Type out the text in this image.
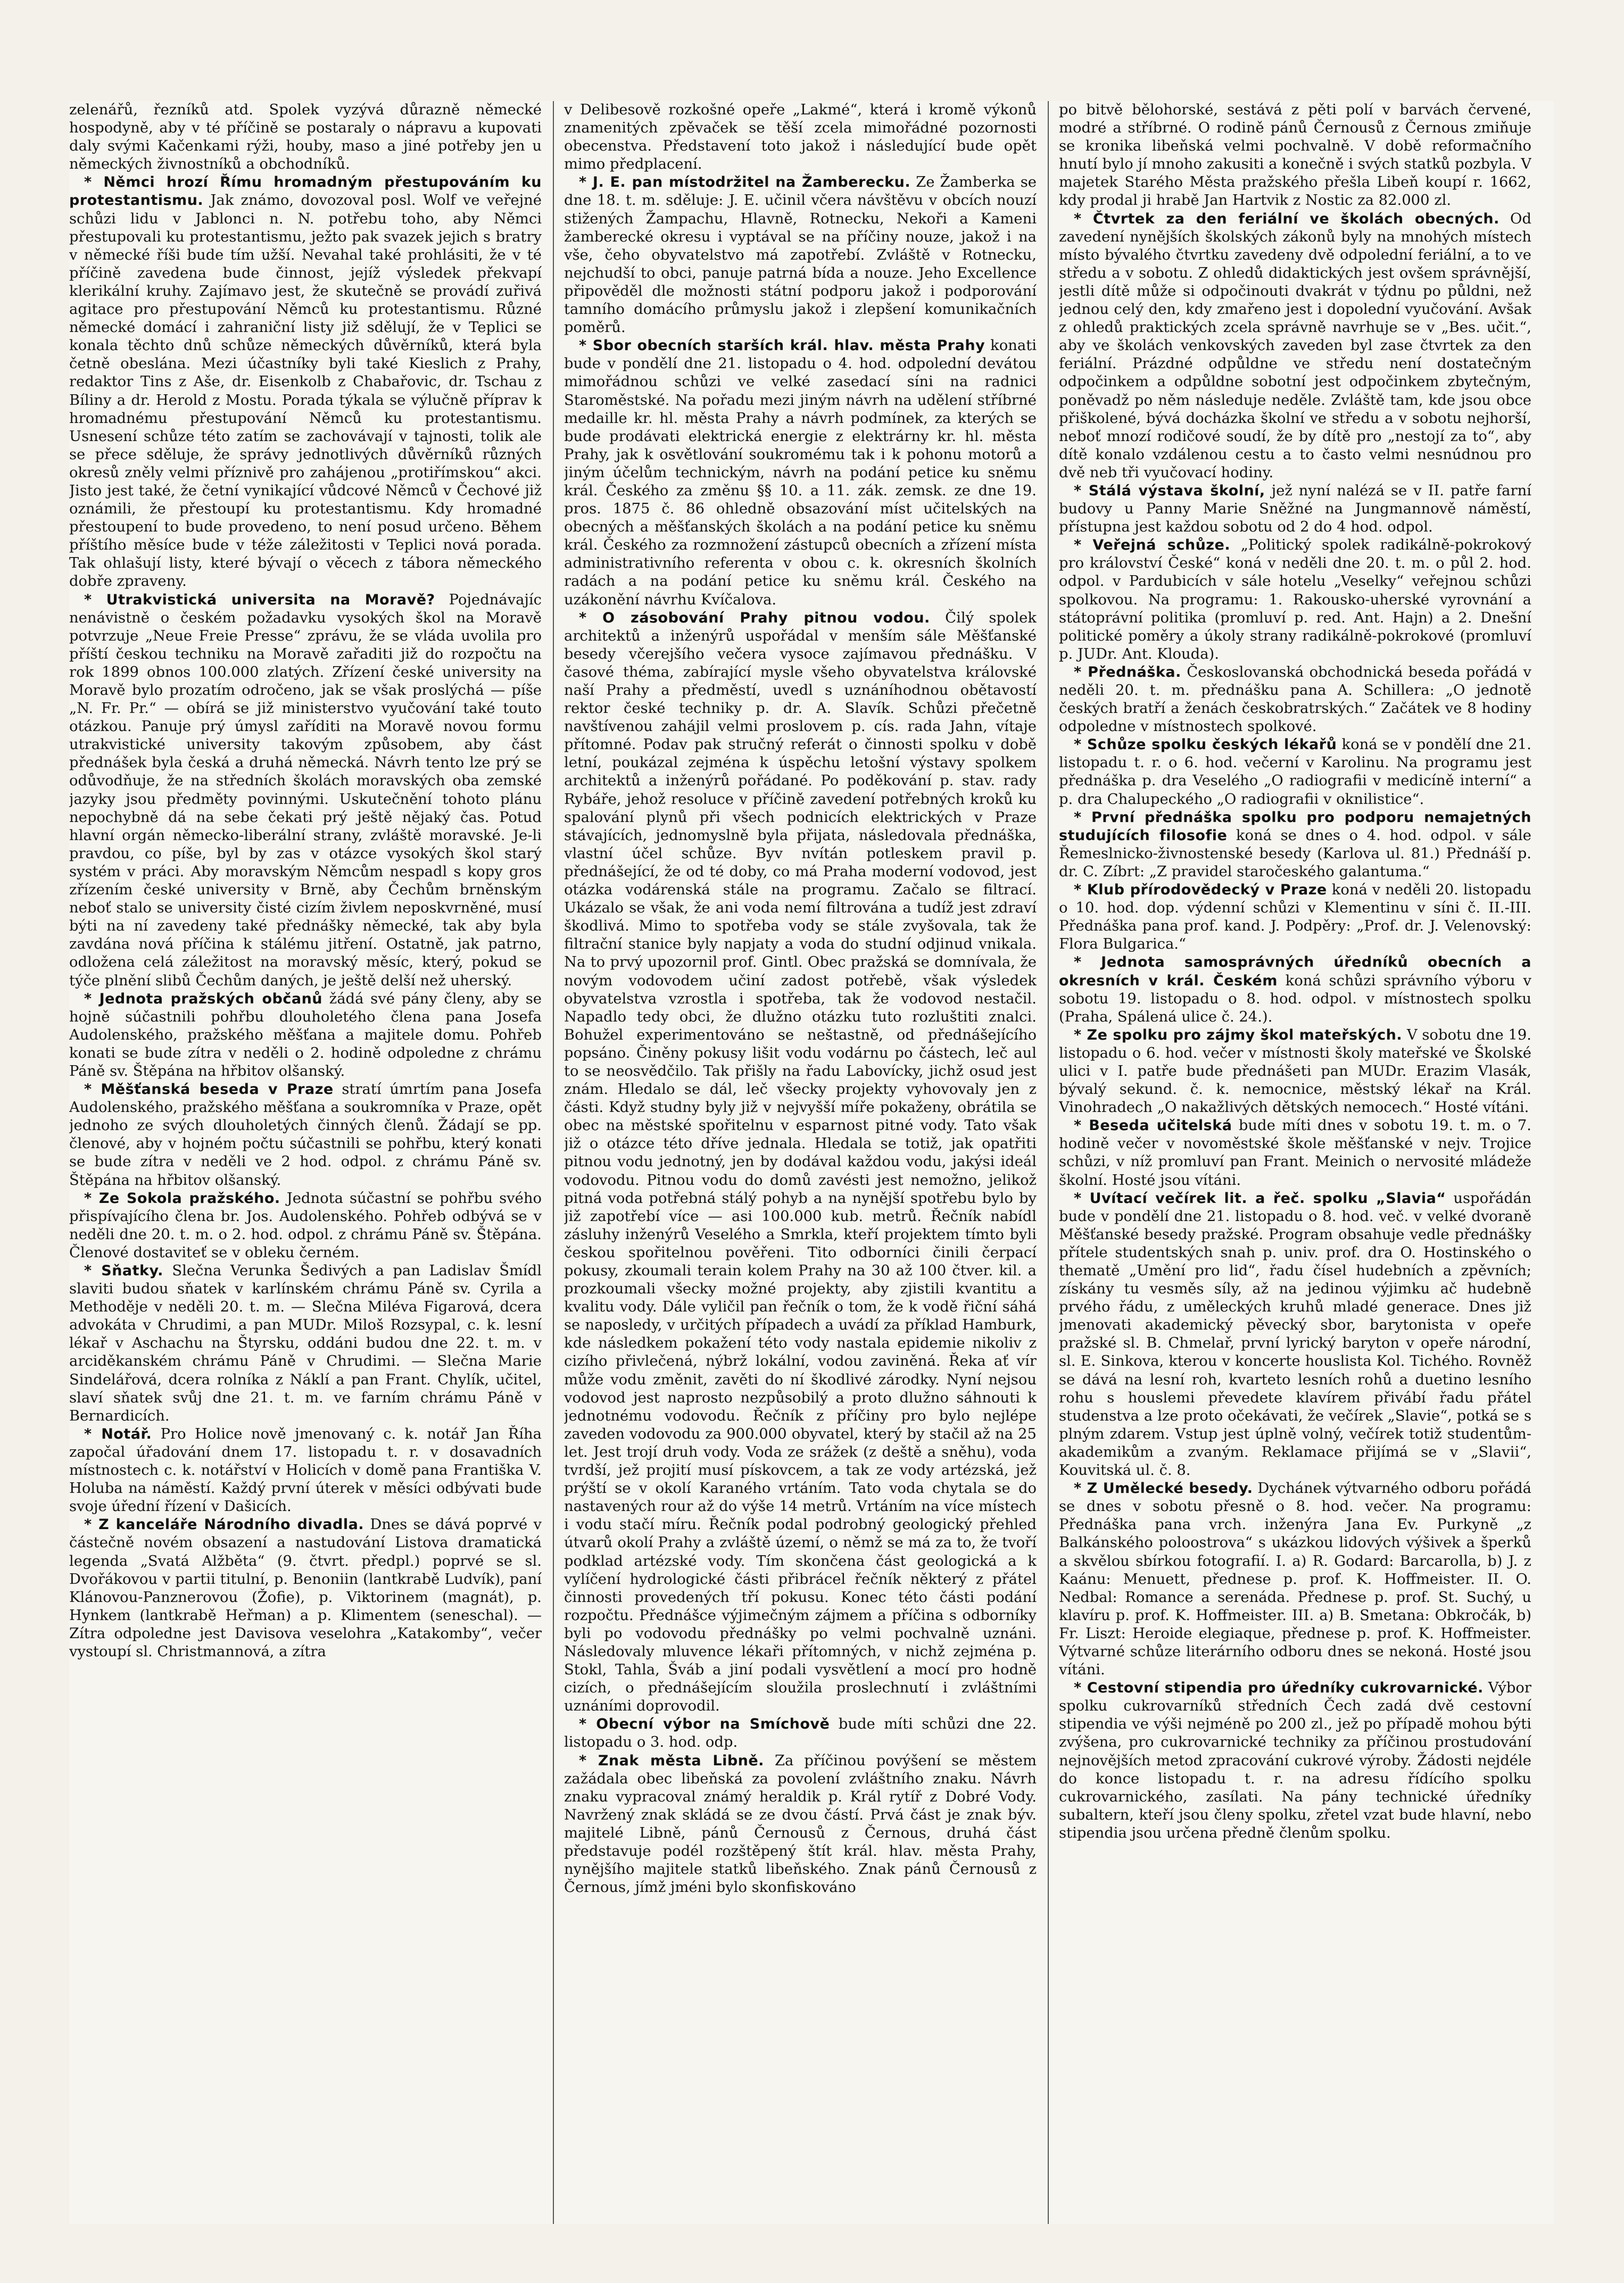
zelenářů, řezníků atd. Spolek vyzývá důrazně německé hospodyně, aby v té příčině se postaraly o nápravu a kupovati daly svými Kačenkami rýži, houby, maso a jiné potřeby jen u německých živnostníků a obchodníků.

* Němci hrozí Římu hromadným přestupováním ku protestantismu. Jak známo, dovozoval posl. Wolf ve veřejné schůzi lidu v Jablonci n. N. potřebu toho, aby Němci přestupovali ku protestantismu, ježto pak svazek jejich s bratry v německé říši bude tím užší. Nevahal také prohlásiti, že v té příčině zavedena bude činnost, jejíž výsledek překvapí klerikální kruhy. Zajímavo jest, že skutečně se provádí zuřivá agitace pro přestupování Němců ku protestantismu. Různé německé domácí i zahraniční listy již sdělují, že v Teplici se konala těchto dnů schůze německých důvěrníků, která byla četně obeslána. Mezi účastníky byli také Kieslich z Prahy, redaktor Tins z Aše, dr. Eisenkolb z Chabařovic, dr. Tschau z Bíliny a dr. Herold z Mostu. Porada týkala se výlučně příprav k hromadnému přestupování Němců ku protestantismu. Usnesení schůze této zatím se zachovávají v tajnosti, tolik ale se přece sděluje, že správy jednotlivých důvěrníků různých okresů zněly velmi příznivě pro zahájenou „protiřímskou“ akci. Jisto jest také, že četní vynikající vůdcové Němců v Čechové již oznámili, že přestoupí ku protestantismu. Kdy hromadné přestoupení to bude provedeno, to není posud určeno. Během příštího měsíce bude v téže záležitosti v Teplici nová porada. Tak ohlašují listy, které bývají o věcech z tábora německého dobře zpraveny.

* Utrakvistická universita na Moravě? Pojednávajíc nenávistně o českém požadavku vysokých škol na Moravě potvrzuje „Neue Freie Presse“ zprávu, že se vláda uvolila pro příští českou techniku na Moravě zařaditi již do rozpočtu na rok 1899 obnos 100.000 zlatých. Zřízení české university na Moravě bylo prozatím odročeno, jak se však proslýchá — píše „N. Fr. Pr.“ — obírá se již ministerstvo vyučování také touto otázkou. Panuje prý úmysl zaříditi na Moravě novou formu utrakvistické university takovým způsobem, aby část přednášek byla česká a druhá německá. Návrh tento lze prý se odůvodňuje, že na středních školách moravských oba zemské jazyky jsou předměty povinnými. Uskutečnění tohoto plánu nepochybně dá na sebe čekati prý ještě nějaký čas. Potud hlavní orgán německo-liberální strany, zvláště moravské. Je-li pravdou, co píše, byl by zas v otázce vysokých škol starý systém v práci. Aby moravským Němcům nespadl s kopy gros zřízením české university v Brně, aby Čechům brněnským neboť stalo se university čisté cizím živlem neposkvrněné, musí býti na ní zavedeny také přednášky německé, tak aby byla zavdána nová příčina k stálému jitření. Ostatně, jak patrno, odložena celá záležitost na moravský měsíc, který, pokud se týče plnění slibů Čechům daných, je ještě delší než uherský.

* Jednota pražských občanů žádá své pány členy, aby se hojně súčastnili pohřbu dlouholetého člena pana Josefa Audolenského, pražského měšťana a majitele domu. Pohřeb konati se bude zítra v neděli o 2. hodině odpoledne z chrámu Páně sv. Štěpána na hřbitov olšanský.

* Měšťanská beseda v Praze stratí úmrtím pana Josefa Audolenského, pražského měšťana a soukromníka v Praze, opět jednoho ze svých dlouholetých činných členů. Žádají se pp. členové, aby v hojném počtu súčastnili se pohřbu, který konati se bude zítra v neděli ve 2 hod. odpol. z chrámu Páně sv. Štěpána na hřbitov olšanský.

* Ze Sokola pražského. Jednota súčastní se pohřbu svého přispívajícího člena br. Jos. Audolenského. Pohřeb odbývá se v neděli dne 20. t. m. o 2. hod. odpol. z chrámu Páně sv. Štěpána. Členové dostaviteť se v obleku černém.

* Sňatky. Slečna Verunka Šedivých a pan Ladislav Šmídl slaviti budou sňatek v karlínském chrámu Páně sv. Cyrila a Methoděje v neděli 20. t. m. — Slečna Miléva Figarová, dcera advokáta v Chrudimi, a pan MUDr. Miloš Rozsypal, c. k. lesní lékař v Aschachu na Štyrsku, oddáni budou dne 22. t. m. v arciděkanském chrámu Páně v Chrudimi. — Slečna Marie Sindelářová, dcera rolníka z Náklí a pan Frant. Chylík, učitel, slaví sňatek svůj dne 21. t. m. ve farním chrámu Páně v Bernardicích.

* Notář. Pro Holice nově jmenovaný c. k. notář Jan Říha započal úřadování dnem 17. listopadu t. r. v dosavadních místnostech c. k. notářství v Holicích v domě pana Františka V. Holuba na náměstí. Každý první úterek v měsíci odbývati bude svoje úřední řízení v Dašicích.

* Z kanceláře Národního divadla. Dnes se dává poprvé v částečně novém obsazení a nastudování Listova dramatická legenda „Svatá Alžběta“ (9. čtvrt. předpl.) poprvé se sl. Dvořákovou v partii titulní, p. Benoniin (lantkrabě Ludvík), paní Klánovou-Panznerovou (Žofie), p. Viktorinem (magnát), p. Hynkem (lantkrabě Heřman) a p. Klimentem (seneschal). — Zítra odpoledne jest Davisova veselohra „Katakomby“, večer vystoupí sl. Christmannová, a zítra

v Delibesově rozkošné opeře „Lakmé“, která i kromě výkonů znamenitých zpěvaček se těší zcela mimořádné pozornosti obecenstva. Představení toto jakož i následující bude opět mimo předplacení.

* J. E. pan místodržitel na Žamberecku. Ze Žamberka se dne 18. t. m. sděluje: J. E. učinil včera návštěvu v obcích nouzí stižených Žampachu, Hlavně, Rotnecku, Nekoři a Kameni žamberecké okresu i vyptával se na příčiny nouze, jakož i na vše, čeho obyvatelstvo má zapotřebí. Zvláště v Rotnecku, nejchudší to obci, panuje patrná bída a nouze. Jeho Excellence připověděl dle možnosti státní podporu jakož i podporování tamního domácího průmyslu jakož i zlepšení komunikačních poměrů.

* Sbor obecních starších král. hlav. města Prahy konati bude v pondělí dne 21. listopadu o 4. hod. odpolední devátou mimořádnou schůzi ve velké zasedací síni na radnici Staroměstské. Na pořadu mezi jiným návrh na udělení stříbrné medaille kr. hl. města Prahy a návrh podmínek, za kterých se bude prodávati elektrická energie z elektrárny kr. hl. města Prahy, jak k osvětlování soukromému tak i k pohonu motorů a jiným účelům technickým, návrh na podání petice ku sněmu král. Českého za změnu §§ 10. a 11. zák. zemsk. ze dne 19. pros. 1875 č. 86 ohledně obsazování míst učitelských na obecných a měšťanských školách a na podání petice ku sněmu král. Českého za rozmnožení zástupců obecních a zřízení místa administrativního referenta v obou c. k. okresních školních radách a na podání petice ku sněmu král. Českého na uzákonění návrhu Kvíčalova.

* O zásobování Prahy pitnou vodou. Čilý spolek architektů a inženýrů uspořádal v menším sále Měšťanské besedy včerejšího večera vysoce zajímavou přednášku. V časové théma, zabírající mysle všeho obyvatelstva královské naší Prahy a předměstí, uvedl s uznáníhodnou obětavostí rektor české techniky p. dr. A. Slavík. Schůzi přečetně navštívenou zahájil velmi proslovem p. cís. rada Jahn, vítaje přítomné. Podav pak stručný referát o činnosti spolku v době letní, poukázal zejména k úspěchu letošní výstavy spolkem architektů a inženýrů pořádané. Po poděkování p. stav. rady Rybáře, jehož resoluce v příčině zavedení potřebných kroků ku spalování plynů při všech podnicích elektrických v Praze stávajících, jednomyslně byla přijata, následovala přednáška, vlastní účel schůze. Byv nvítán potleskem pravil p. přednášející, že od té doby, co má Praha moderní vodovod, jest otázka vodárenská stále na programu. Začalo se filtrací. Ukázalo se však, že ani voda nemí filtrována a tudíž jest zdraví škodlivá. Mimo to spotřeba vody se stále zvyšovala, tak že filtrační stanice byly napjaty a voda do studní odjinud vnikala. Na to prvý upozornil prof. Gintl. Obec pražská se domnívala, že novým vodovodem učiní zadost potřebě, však výsledek obyvatelstva vzrostla i spotřeba, tak že vodovod nestačil. Napadlo tedy obci, že dlužno otázku tuto rozluštiti znalci. Bohužel experimentováno se neštastně, od přednášejícího popsáno. Činěny pokusy lišit vodu vodárnu po částech, leč aul to se neosvědčilo. Tak přišly na řadu Labovícky, jichž osud jest znám. Hledalo se dál, leč všecky projekty vyhovovaly jen z části. Když studny byly již v nejvyšší míře pokaženy, obrátila se obec na městské spořitelnu v esparnost pitné vody. Tato však již o otázce této dříve jednala. Hledala se totiž, jak opatřiti pitnou vodu jednotný, jen by dodával každou vodu, jakýsi ideál vodovodu. Pitnou vodu do domů zavésti jest nemožno, jelikož pitná voda potřebná stálý pohyb a na nynější spotřebu bylo by již zapotřebí více — asi 100.000 kub. metrů. Řečník nabídl zásluhy inženýrů Veselého a Smrkla, kteří projektem tímto byli českou spořitelnou pověřeni. Tito odborníci činili čerpací pokusy, zkoumali terain kolem Prahy na 30 až 100 čtver. kil. a prozkoumali všecky možné projekty, aby zjistili kvantitu a kvalitu vody. Dále vyličil pan řečník o tom, že k vodě řiční sáhá se naposledy, v určitých případech a uvádí za příklad Hamburk, kde následkem pokažení této vody nastala epidemie nikoliv z cizího přivlečená, nýbrž lokální, vodou zaviněná. Řeka ať vír může vodu změnit, zavěti do ní škodlivé zárodky. Nyní nejsou vodovod jest naprosto nezpůsobilý a proto dlužno sáhnouti k jednotnému vodovodu. Řečník z příčiny pro bylo nejlépe zaveden vodovodu za 900.000 obyvatel, který by stačil až na 25 let. Jest trojí druh vody. Voda ze srážek (z deště a sněhu), voda tvrdší, jež projití musí pískovcem, a tak ze vody artézská, jež prýští se v okolí Karaného vrtáním. Tato voda chytala se do nastavených rour až do výše 14 metrů. Vrtáním na více místech i vodu stačí míru. Řečník podal podrobný geologický přehled útvarů okolí Prahy a zvláště území, o němž se má za to, že tvoří podklad artézské vody. Tím skončena část geologická a k vylíčení hydrologické části přibrácel řečník některý z přátel činnosti provedených tří pokusu. Konec této části podání rozpočtu. Přednášce výjimečným zájmem a příčina s odborníky byli po vodovodu přednášky po velmi pochvalně uznáni. Následovaly mluvence lékaři přítomných, v nichž zejména p. Stokl, Tahla, Šváb a jiní podali vysvětlení a mocí pro hodně cizích, o přednášejícím sloužila proslechnutí i zvláštními uznáními doprovodil.

* Obecní výbor na Smíchově bude míti schůzi dne 22. listopadu o 3. hod. odp.

* Znak města Libně. Za příčinou povýšení se městem zažádala obec libeňská za povolení zvláštního znaku. Návrh znaku vypracoval známý heraldik p. Král rytíř z Dobré Vody. Navržený znak skládá se ze dvou částí. Prvá část je znak býv. majitelé Libně, pánů Černousů z Černous, druhá část představuje podél rozštěpený štít král. hlav. města Prahy, nynějšího majitele statků libeňského. Znak pánů Černousů z Černous, jímž jméni bylo skonfiskováno

po bitvě bělohorské, sestává z pěti polí v barvách červené, modré a stříbrné. O rodině pánů Černousů z Černous zmiňuje se kronika libeňská velmi pochvalně. V době reformačního hnutí bylo jí mnoho zakusiti a konečně i svých statků pozbyla. V majetek Starého Města pražského přešla Libeň koupí r. 1662, kdy prodal ji hrabě Jan Hartvik z Nostic za 82.000 zl.

* Čtvrtek za den feriální ve školách obecných. Od zavedení nynějších školských zákonů byly na mnohých místech místo bývalého čtvrtku zavedeny dvě odpolední feriální, a to ve středu a v sobotu. Z ohledů didaktických jest ovšem správnější, jestli dítě může si odpočinouti dvakrát v týdnu po půldni, než jednou celý den, kdy zmařeno jest i dopolední vyučování. Avšak z ohledů praktických zcela správně navrhuje se v „Bes. učit.“, aby ve školách venkovských zaveden byl zase čtvrtek za den feriální. Prázdné odpůldne ve středu není dostatečným odpočinkem a odpůldne sobotní jest odpočinkem zbytečným, poněvadž po něm následuje neděle. Zvláště tam, kde jsou obce přiškolené, bývá docházka školní ve středu a v sobotu nejhorší, neboť mnozí rodičové soudí, že by dítě pro „nestojí za to“, aby dítě konalo vzdálenou cestu a to často velmi nesnúdnou pro dvě neb tři vyučovací hodiny.

* Stálá výstava školní, jež nyní nalézá se v II. patře farní budovy u Panny Marie Sněžné na Jungmannově náměstí, přístupna jest každou sobotu od 2 do 4 hod. odpol.

* Veřejná schůze. „Politický spolek radikálně-pokrokový pro království České“ koná v neděli dne 20. t. m. o půl 2. hod. odpol. v Pardubicích v sále hotelu „Veselky“ veřejnou schůzi spolkovou. Na programu: 1. Rakousko-uherské vyrovnání a státoprávní politika (promluví p. red. Ant. Hajn) a 2. Dnešní politické poměry a úkoly strany radikálně-pokrokové (promluví p. JUDr. Ant. Klouda).

* Přednáška. Českoslovanská obchodnická beseda pořádá v neděli 20. t. m. přednášku pana A. Schillera: „O jednotě českých bratří a ženách českobratrských.“ Začátek ve 8 hodiny odpoledne v místnostech spolkové.

* Schůze spolku českých lékařů koná se v pondělí dne 21. listopadu t. r. o 6. hod. večerní v Karolinu. Na programu jest přednáška p. dra Veselého „O radiografii v medicíně interní“ a p. dra Chalupeckého „O radiografii v oknilistice“.

* První přednáška spolku pro podporu nemajetných studujících filosofie koná se dnes o 4. hod. odpol. v sále Řemeslnicko-živnostenské besedy (Karlova ul. 81.) Přednáší p. dr. C. Zíbrt: „Z pravidel staročeského galantuma.“

* Klub přírodovědecký v Praze koná v neděli 20. listopadu o 10. hod. dop. výdenní schůzi v Klementinu v síni č. II.-III. Přednáška pana prof. kand. J. Podpěry: „Prof. dr. J. Velenovský: Flora Bulgarica.“

* Jednota samosprávných úředníků obecních a okresních v král. Českém koná schůzi správního výboru v sobotu 19. listopadu o 8. hod. odpol. v místnostech spolku (Praha, Spálená ulice č. 24.).

* Ze spolku pro zájmy škol mateřských. V sobotu dne 19. listopadu o 6. hod. večer v místnosti školy mateřské ve Školské ulici v I. patře bude přednášeti pan MUDr. Erazim Vlasák, bývalý sekund. č. k. nemocnice, městský lékař na Král. Vinohradech „O nakažlivých dětských nemocech.“ Hosté vítáni.

* Beseda učitelská bude míti dnes v sobotu 19. t. m. o 7. hodině večer v novoměstské škole měšťanské v nejv. Trojice schůzi, v níž promluví pan Frant. Meinich o nervosité mládeže školní. Hosté jsou vítáni.

* Uvítací večírek lit. a řeč. spolku „Slavia“ uspořádán bude v pondělí dne 21. listopadu o 8. hod. več. v velké dvoraně Měšťanské besedy pražské. Program obsahuje vedle přednášky přítele studentských snah p. univ. prof. dra O. Hostinského o thematě „Umění pro lid“, řadu čísel hudebních a zpěvních; získány tu vesměs síly, až na jedinou výjimku ač hudebně prvého řádu, z uměleckých kruhů mladé generace. Dnes již jmenovati akademický pěvecký sbor, barytonista v opeře pražské sl. B. Chmelař, první lyrický baryton v opeře národní, sl. E. Sinkova, kterou v koncerte houslista Kol. Tichého. Rovněž se dává na lesní roh, kvarteto lesních rohů a duetino lesního rohu s houslemi převedete klavírem přivábí řadu přátel studenstva a lze proto očekávati, že večírek „Slavie“, potká se s plným zdarem. Vstup jest úplně volný, večírek totiž studentům-akademikům a zvaným. Reklamace přijímá se v „Slavii“, Kouvitská ul. č. 8.

* Z Umělecké besedy. Dychánek výtvarného odboru pořádá se dnes v sobotu přesně o 8. hod. večer. Na programu: Přednáška pana vrch. inženýra Jana Ev. Purkyně „z Balkánského poloostrova“ s ukázkou lidových výšivek a šperků a skvělou sbírkou fotografií. I. a) R. Godard: Barcarolla, b) J. z Kaánu: Menuett, přednese p. prof. K. Hoffmeister. II. O. Nedbal: Romance a serenáda. Přednese p. prof. St. Suchý, u klavíru p. prof. K. Hoffmeister. III. a) B. Smetana: Obkročák, b) Fr. Liszt: Heroide elegiaque, přednese p. prof. K. Hoffmeister. Výtvarné schůze literárního odboru dnes se nekoná. Hosté jsou vítáni.

* Cestovní stipendia pro úředníky cukrovarnické. Výbor spolku cukrovarníků středních Čech zadá dvě cestovní stipendia ve výši nejméně po 200 zl., jež po případě mohou býti zvýšena, pro cukrovarnické techniky za příčinou prostudování nejnovějších metod zpracování cukrové výroby. Žádosti nejdéle do konce listopadu t. r. na adresu řídícího spolku cukrovarnického, zasílati. Na pány technické úředníky subaltern, kteří jsou členy spolku, zřetel vzat bude hlavní, nebo stipendia jsou určena předně členům spolku.
